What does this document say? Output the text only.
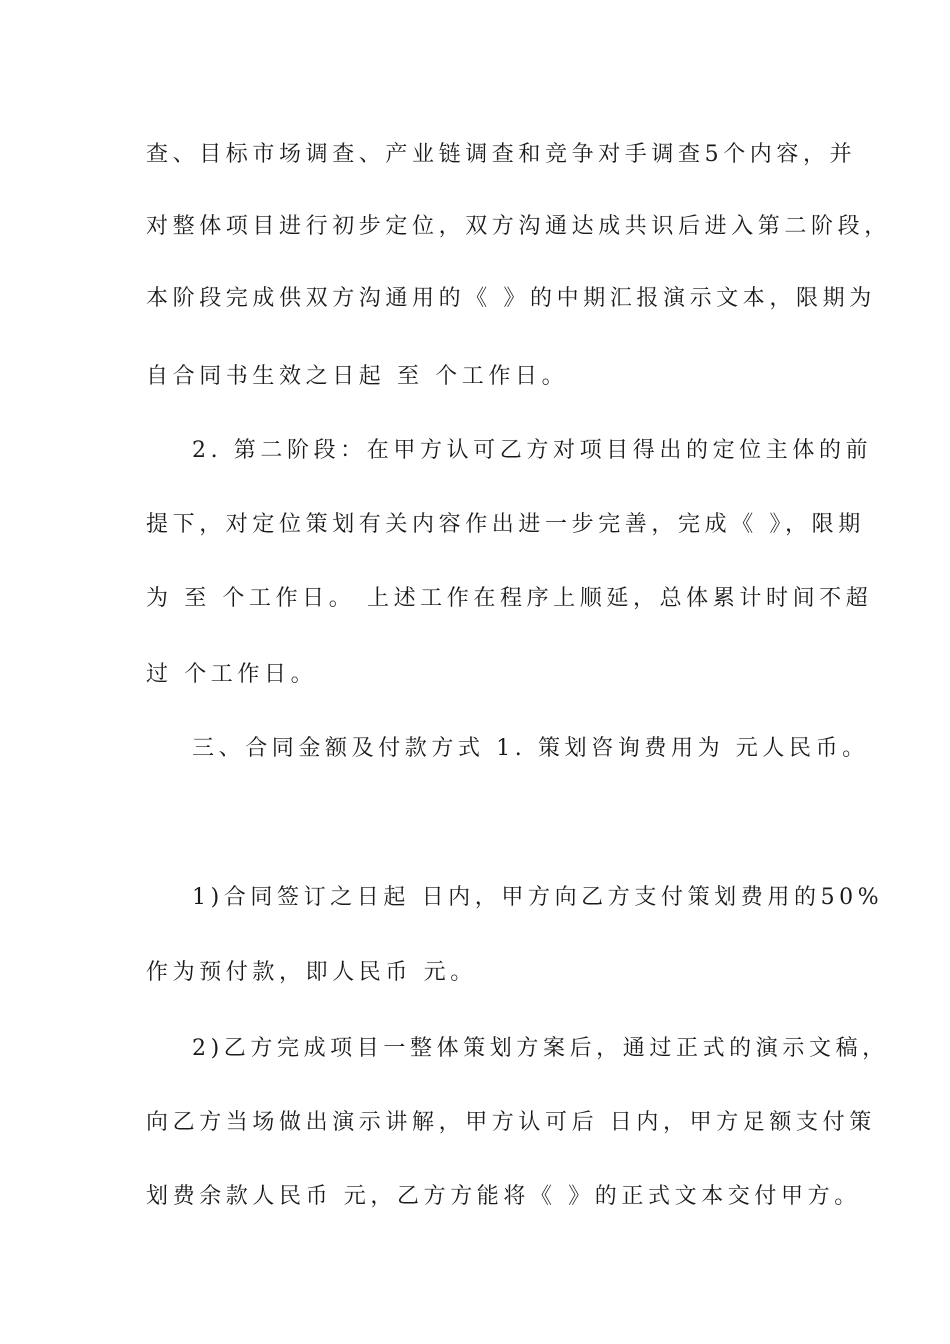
查、目标市场调查、产业链调查和竞争对手调查5个内容，并
对整体项目进行初步定位，双方沟通达成共识后进入第二阶段，
本阶段完成供双方沟通用的《 》的中期汇报演示文本，限期为
自合同书生效之日起 至 个工作日。
2. 第二阶段：在甲方认可乙方对项目得出的定位主体的前
提下，对定位策划有关内容作出进一步完善，完成《 》，限期
为 至 个工作日。 上述工作在程序上顺延，总体累计时间不超
过 个工作日。
三、合同金额及付款方式 1. 策划咨询费用为 元人民币。
1)合同签订之日起 日内，甲方向乙方支付策划费用的50%
作为预付款，即人民币 元。
2)乙方完成项目一整体策划方案后，通过正式的演示文稿，
向乙方当场做出演示讲解，甲方认可后 日内，甲方足额支付策
划费余款人民币 元，乙方方能将《 》的正式文本交付甲方。
